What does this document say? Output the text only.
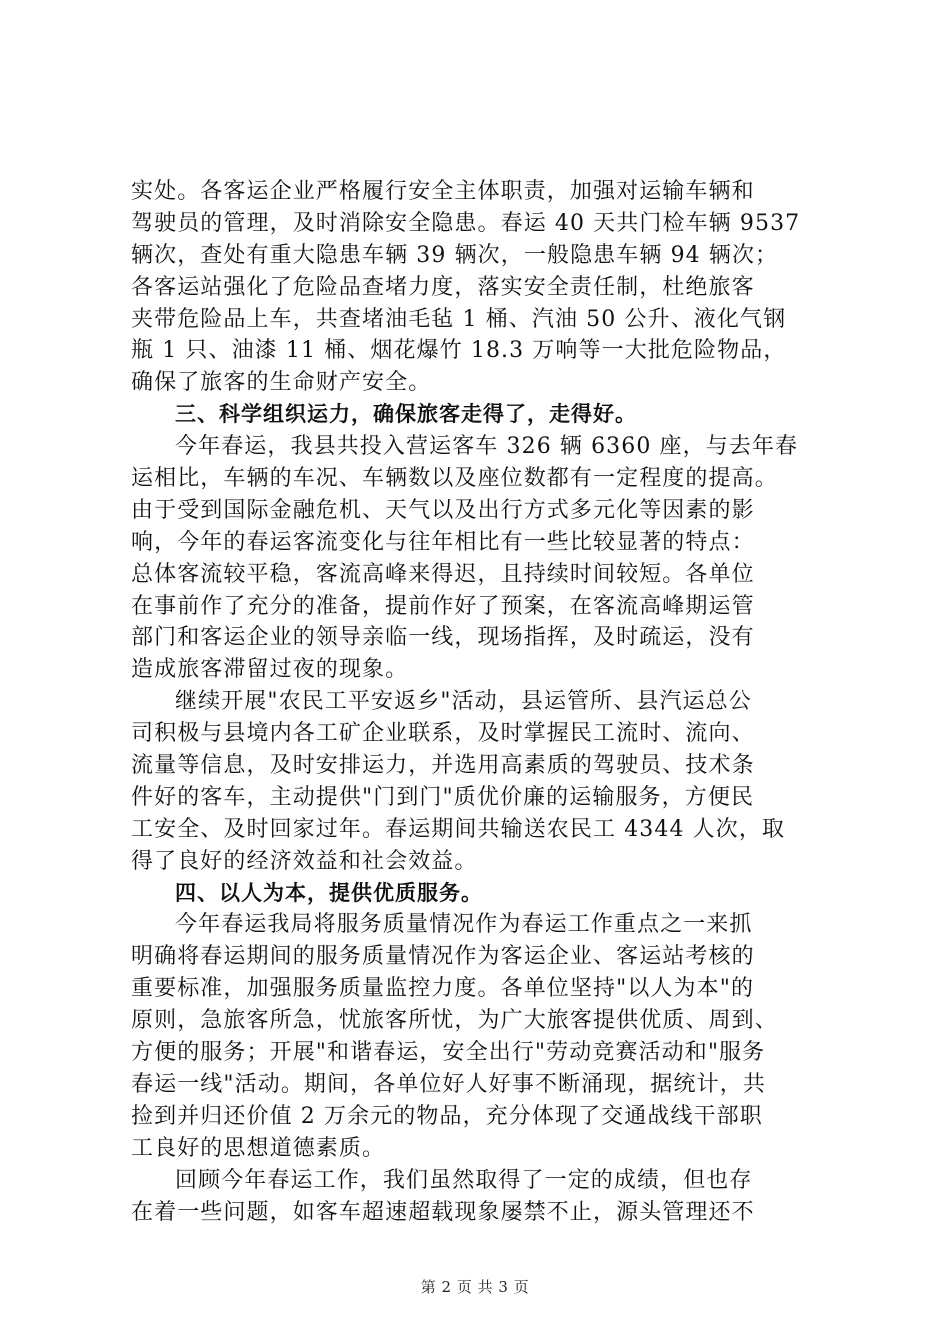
实处。各客运企业严格履行安全主体职责，加强对运输车辆和
驾驶员的管理，及时消除安全隐患。春运 40 天共门检车辆 9537
辆次，查处有重大隐患车辆 39 辆次，一般隐患车辆 94 辆次；
各客运站强化了危险品查堵力度，落实安全责任制，杜绝旅客
夹带危险品上车，共查堵油毛毡 1 桶、汽油 50 公升、液化气钢
瓶 1 只、油漆 11 桶、烟花爆竹 18.3 万响等一大批危险物品，
确保了旅客的生命财产安全。
三、科学组织运力，确保旅客走得了，走得好。
今年春运，我县共投入营运客车 326 辆 6360 座，与去年春
运相比，车辆的车况、车辆数以及座位数都有一定程度的提高。
由于受到国际金融危机、天气以及出行方式多元化等因素的影
响，今年的春运客流变化与往年相比有一些比较显著的特点：
总体客流较平稳，客流高峰来得迟，且持续时间较短。各单位
在事前作了充分的准备，提前作好了预案，在客流高峰期运管
部门和客运企业的领导亲临一线，现场指挥，及时疏运，没有
造成旅客滞留过夜的现象。
继续开展"农民工平安返乡"活动，县运管所、县汽运总公
司积极与县境内各工矿企业联系，及时掌握民工流时、流向、
流量等信息，及时安排运力，并选用高素质的驾驶员、技术条
件好的客车，主动提供"门到门"质优价廉的运输服务，方便民
工安全、及时回家过年。春运期间共输送农民工 4344 人次，取
得了良好的经济效益和社会效益。
四、以人为本，提供优质服务。
今年春运我局将服务质量情况作为春运工作重点之一来抓
明确将春运期间的服务质量情况作为客运企业、客运站考核的
重要标准，加强服务质量监控力度。各单位坚持"以人为本"的
原则，急旅客所急，忧旅客所忧，为广大旅客提供优质、周到、
方便的服务；开展"和谐春运，安全出行"劳动竞赛活动和"服务
春运一线"活动。期间，各单位好人好事不断涌现，据统计，共
捡到并归还价值 2 万余元的物品，充分体现了交通战线干部职
工良好的思想道德素质。
回顾今年春运工作，我们虽然取得了一定的成绩，但也存
在着一些问题，如客车超速超载现象屡禁不止，源头管理还不
第 2 页 共 3 页
